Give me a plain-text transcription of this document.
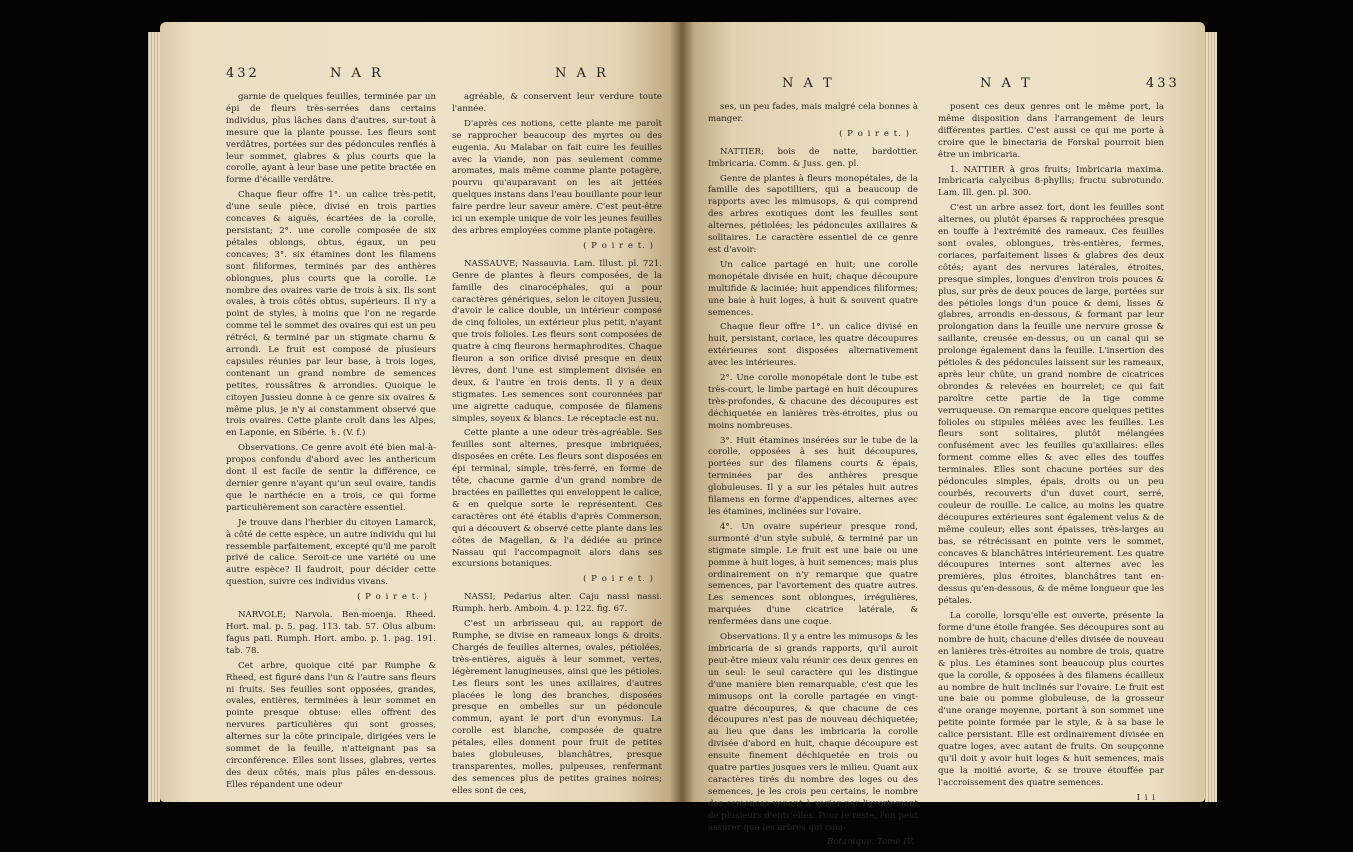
432	N A R	N A R

garnie de quelques feuilles, terminée par un épi de fleurs très-serrées dans certains individus, plus lâches dans d'autres, sur-tout à mesure que la plante pousse. Les fleurs sont verdâtres, portées sur des pédoncules renflés à leur sommet, glabres & plus courts que la corolle, ayant à leur base une petite bractée en forme d'écaille verdâtre.

Chaque fleur offre 1°. un calice très-petit, d'une seule pièce, divisé en trois parties concaves & aiguës, écartées de la corolle, persistant; 2°. une corolle composée de six pétales oblongs, obtus, égaux, un peu concaves; 3°. six étamines dont les filamens sont filiformes, terminés par des anthères oblongues, plus courts que la corolle. Le nombre des ovaires varie de trois à six. Ils sont ovales, à trois côtés obtus, supérieurs. Il n'y a point de styles, à moins que l'on ne regarde comme tel le sommet des ovaires qui est un peu rétréci, & terminé par un stigmate charnu & arrondi. Le fruit est composé de plusieurs capsules réunies par leur base, à trois loges, contenant un grand nombre de semences petites, roussâtres & arrondies. Quoique le citoyen Jussieu donne à ce genre six ovaires & même plus, je n'y ai constamment observé que trois ovaires. Cette plante croît dans les Alpes, en Laponie, en Sibérie. ♄. (V. f.)

Observations. Ce genre avoit été bien mal-à-propos confondu d'abord avec les anthericum dont il est facile de sentir la différence, ce dernier genre n'ayant qu'un seul ovaire, tandis que le narthécie en a trois, ce qui forme particulièrement son caractère essentiel.

Je trouve dans l'herbier du citoyen Lamarck, à côté de cette espèce, un autre individu qui lui ressemble parfaitement, excepté qu'il me paroît privé de calice. Seroit-ce une variété ou une autre espèce? Il faudroit, pour décider cette question, suivre ces individus vivans.

( P o i r e t. )

NARVOLE; Narvola. Ben-moenja. Rheed. Hort. mal. p. 5. pag. 113. tab. 57. Olus album: fagus pati. Rumph. Hort. ambo. p. 1. pag. 191. tab. 78.

Cet arbre, quoique cité par Rumphe & Rheed, est figuré dans l'un & l'autre sans fleurs ni fruits. Ses feuilles sont opposées, grandes, ovales, entières, terminées à leur sommet en pointe presque obtuse: elles offrent des nervures particulières qui sont grosses, alternes sur la côte principale, dirigées vers le sommet de la feuille, n'atteignant pas sa circonférence. Elles sont lisses, glabres, vertes des deux côtés, mais plus pâles en-dessous. Elles répandent une odeur

agréable, & conservent leur verdure toute l'année.

D'après ces notions, cette plante me paroît se rapprocher beaucoup des myrtes ou des eugenia. Au Malabar on fait cuire les feuilles avec la viande, non pas seulement comme aromates, mais même comme plante potagère, pourvu qu'auparavant on les ait jettées quelques instans dans l'eau bouillante pour leur faire perdre leur saveur amère. C'est peut-être ici un exemple unique de voir les jeunes feuilles des arbres employées comme plante potagère.

( P o i r e t. )

NASSAUVE; Nassauvia. Lam. Illust. pl. 721. Genre de plantes à fleurs composées, de la famille des cinarocéphales, qui a pour caractères génériques, selon le citoyen Jussieu, d'avoir le calice double, un intérieur composé de cinq folioles, un extérieur plus petit, n'ayant que trois folioles. Les fleurs sont composées de quatre à cinq fleurons hermaphrodites. Chaque fleuron a son orifice divisé presque en deux lèvres, dont l'une est simplement divisée en deux, & l'autre en trois dents. Il y a deux stigmates. Les semences sont couronnées par une aigrette caduque, composée de filamens simples, soyeux & blancs. Le réceptacle est nu.

Cette plante a une odeur très-agréable. Ses feuilles sont alternes, presque imbriquées, disposées en crête. Les fleurs sont disposées en épi terminal, simple, très-ferré, en forme de tête, chacune garnie d'un grand nombre de bractées en paillettes qui enveloppent le calice, & en quelque sorte le représentent. Ces caractères ont été établis d'après Commerson, qui a découvert & observé cette plante dans les côtes de Magellan, & l'a dédiée au prince Nassau qui l'accompagnoit alors dans ses excursions botaniques.

( P o i r e t. )

NASSI; Pedarius alter. Caju nassi nassi. Rumph. herb. Amboin. 4. p. 122. fig. 67.

C'est un arbrisseau qui, au rapport de Rumphe, se divise en rameaux longs & droits. Chargés de feuilles alternes, ovales, pétiolées, très-entières, aiguës à leur sommet, vertes, légèrement lanugineuses, ainsi que les pétioles. Les fleurs sont les unes axillaires, d'autres placées le long des branches, disposées presque en ombelles sur un pédoncule commun, ayant le port d'un evonymus. La corolle est blanche, composée de quatre pétales, elles donnent pour fruit de petites baies globuleuses, blanchâtres, presque transparentes, molles, pulpeuses, renfermant des semences plus de petites graines noires; elles sont de ces,

N A T	N A T	433

ses, un peu fades, mais malgré cela bonnes à manger.

( P o i r e t. )

NATTIER; bois de natte, bardottier. Imbricaria. Comm. & Juss. gen. pl.

Genre de plantes à fleurs monopétales, de la famille des sapotilliers, qui a beaucoup de rapports avec les mimusops, & qui comprend des arbres exotiques dont les feuilles sont alternes, pétiolées; les pédoncules axillaires & solitaires. Le caractère essentiel de ce genre est d'avoir:

Un calice partagé en huit; une corolle monopétale divisée en huit; chaque découpure multifide & laciniée; huit appendices filiformes; une baie à huit loges, à huit & souvent quatre semences.

Chaque fleur offre 1°. un calice divisé en huit, persistant, coriace, les quatre découpures extérieures sont disposées alternativement avec les intérieures.

2°. Une corolle monopétale dont le tube est très-court, le limbe partagé en huit découpures très-profondes, & chacune des découpures est déchiquetée en lanières très-étroites, plus ou moins nombreuses.

3°. Huit étamines insérées sur le tube de la corolle, opposées à ses huit découpures, portées sur des filamens courts & épais, terminées par des anthères presque globuleuses. Il y a sur les pétales huit autres filamens en forme d'appendices, alternes avec les étamines, inclinées sur l'ovaire.

4°. Un ovaire supérieur presque rond, surmonté d'un style subulé, & terminé par un stigmate simple. Le fruit est une baie ou une pomme à huit loges, à huit semences; mais plus ordinairement on n'y remarque que quatre semences, par l'avortement des quatre autres. Les semences sont oblongues, irrégulières, marquées d'une cicatrice latérale, & renfermées dans une coque.

Observations. Il y a entre les mimusops & les imbricaria de si grands rapports, qu'il auroit peut-être mieux valu réunir ces deux genres en un seul: le seul caractère qui les distingue d'une manière bien remarquable, c'est que les mimusops ont la corolle partagée en vingt-quatre découpures, & que chacune de ces découpures n'est pas de nouveau déchiquetée; au lieu que dans les imbricaria la corolle divisée d'abord en huit, chaque découpure est ensuite finement déchiquetée en trois ou quatre parties jusques vers le milieu. Quant aux caractères tirés du nombre des loges ou des semences, je les crois peu certains, le nombre des semences venant à varier par l'avortement de plusieurs d'entr'elles. Pour le reste, l'on peut assurer que les arbres qui com-

Botanique. Tome IV.

posent ces deux genres ont le même port, la même disposition dans l'arrangement de leurs différentes parties. C'est aussi ce qui me porte à croire que le binectaria de Forskal pourroit bien être un imbricaria.

1. NATTIER à gros fruits; Imbricaria maxima. Imbricaria calycibus 8-phyllis; fructu subrotundo. Lam. Ill. gen. pl. 300.

C'est un arbre assez fort, dont les feuilles sont alternes, ou plutôt éparses & rapprochées presque en touffe à l'extrémité des rameaux. Ces feuilles sont ovales, oblongues, très-entières, fermes, coriaces, parfaitement lisses & glabres des deux côtés; ayant des nervures latérales, étroites, presque simples, longues d'environ trois pouces & plus, sur près de deux pouces de large, portées sur des pétioles longs d'un pouce & demi, lisses & glabres, arrondis en-dessous, & formant par leur prolongation dans la feuille une nervure grosse & saillante, creusée en-dessus, ou un canal qui se prolonge également dans la feuille. L'insertion des pétioles & des pédoncules laissent sur les rameaux, après leur chûte, un grand nombre de cicatrices obrondes & relevées en bourrelet; ce qui fait paroître cette partie de la tige comme verruqueuse. On remarque encore quelques petites folioles ou stipules mêlées avec les feuilles. Les fleurs sont solitaires, plutôt mélangées confusément avec les feuilles qu'axillaires: elles forment comme elles & avec elles des touffes terminales. Elles sont chacune portées sur des pédoncules simples, épais, droits ou un peu courbés, recouverts d'un duvet court, serré, couleur de rouille. Le calice, au moins les quatre découpures extérieures sont également velus & de même couleur; elles sont épaisses, très-larges au bas, se rétrécissant en pointe vers le sommet, concaves & blanchâtres intérieurement. Les quatre découpures internes sont alternes avec les premières, plus étroites, blanchâtres tant en-dessus qu'en-dessous, & de même longueur que les pétales.

La corolle, lorsqu'elle est ouverte, présente la forme d'une étoile frangée. Ses découpures sont au nombre de huit; chacune d'elles divisée de nouveau en lanières très-étroites au nombre de trois, quatre & plus. Les étamines sont beaucoup plus courtes que la corolle, & opposées à des filamens écailleux au nombre de huit inclinés sur l'ovaire. Le fruit est une baie ou pomme globuleuse, de la grosseur d'une orange moyenne, portant à son sommet une petite pointe formée par le style, & à sa base le calice persistant. Elle est ordinairement divisée en quatre loges, avec autant de fruits. On soupçonne qu'il doit y avoir huit loges & huit semences, mais que la moitié avorte, & se trouve étouffée par l'accroissement des quatre semences.

I i i
